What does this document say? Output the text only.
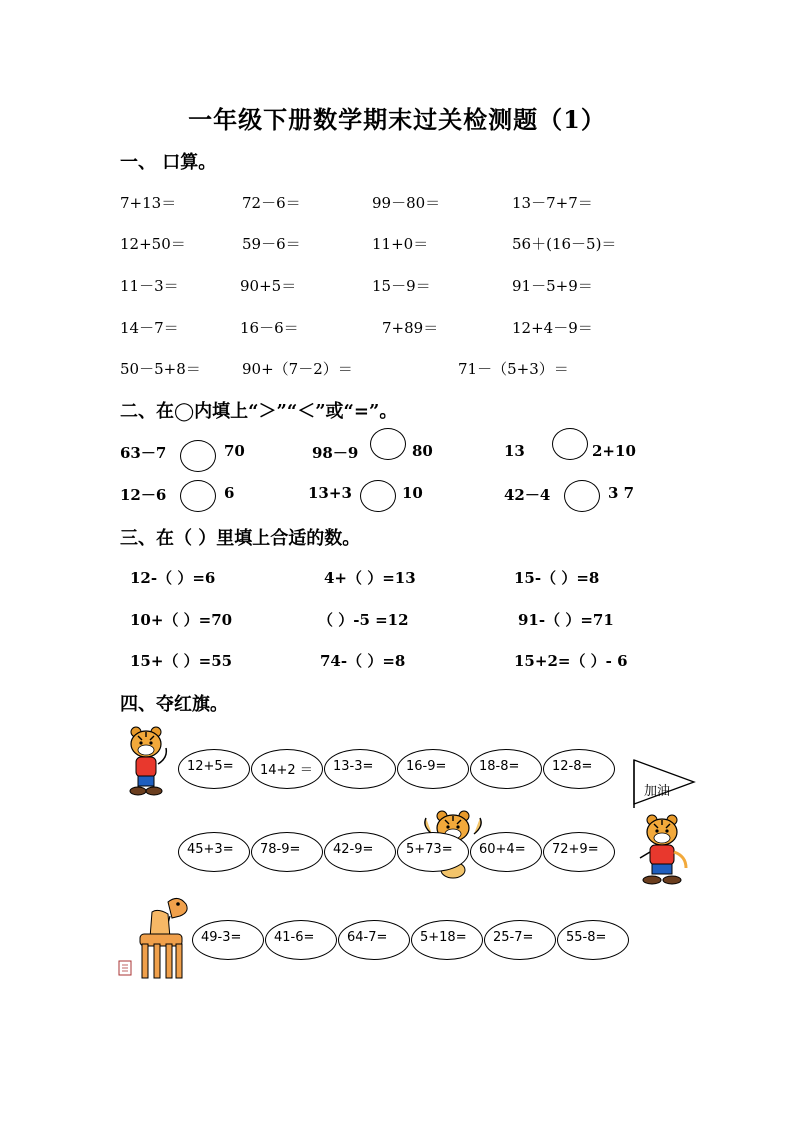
一年级下册数学期末过关检测题（1）
一、 口算。
7+13＝	72－6＝	99－80＝	13－7+7＝
12+50＝	59－6＝	11+0＝	56＋(16－5)＝
11－3＝	90+5＝	15－9＝	91－5+9＝
14－7＝	16－6＝	7+89＝	12+4－9＝
50－5+8＝	90+（7－2）＝	71－（5+3）＝
二、在◯内填上“＞”“＜”或“=”。
63－7	70	98－9	80	13	2+10
12－6	6	13+3	10	42－4	3 7
三、在（ ）里填上合适的数。
12-（ ）=6	4+（ ）=13	15-（ ）=8
10+（ ）=70	（ ）-5 =12	91-（ ）=71
15+（ ）=55	74-（ ）=8	15+2=（ ）- 6
四、夺红旗。
12+5= 14+2 ＝ 13-3=	16-9=	18-8=	12-8=
加油
45+3= 78-9=	42-9=	5+73= 60+4= 72+9=
49-3=	41-6=	64-7=	5+18= 25-7=	55-8=
